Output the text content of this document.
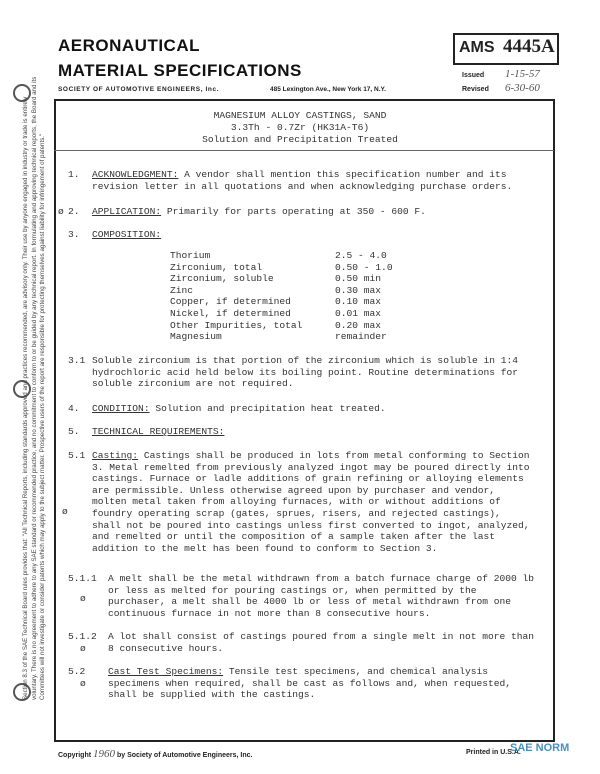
Section 8.3 of the SAE Technical Board rules provides that: "All Technical Reports, including standards approved and practices recommended, are advisory only. Their use by anyone engaged in industry or trade is entirely voluntary. There is no agreement to adhere to any SAE standard or recommended practice, and no commitment to conform to or be guided by any technical report. In formulating and approving technical reports, the Board and its Committees will not investigate or consider patents which may apply to the subject matter. Prospective users of the report are responsible for protecting themselves against liability for infringement of patents."
AERONAUTICAL
MATERIAL SPECIFICATIONS
SOCIETY OF AUTOMOTIVE ENGINEERS, Inc.	485 Lexington Ave., New York 17, N.Y.
AMS 4445A
Issued 1-15-57
Revised 6-30-60
MAGNESIUM ALLOY CASTINGS, SAND
3.3Th - 0.7Zr (HK31A-T6)
Solution and Precipitation Treated
1. ACKNOWLEDGMENT: A vendor shall mention this specification number and its revision letter in all quotations and when acknowledging purchase orders.
ø 2. APPLICATION: Primarily for parts operating at 350 - 600 F.
3. COMPOSITION:
Thorium	2.5 - 4.0
Zirconium, total	0.50 - 1.0
Zirconium, soluble	0.50 min
Zinc	0.30 max
Copper, if determined	0.10 max
Nickel, if determined	0.01 max
Other Impurities, total	0.20 max
Magnesium	remainder
3.1 Soluble zirconium is that portion of the zirconium which is soluble in 1:4 hydrochloric acid held below its boiling point. Routine determinations for soluble zirconium are not required.
4. CONDITION: Solution and precipitation heat treated.
5. TECHNICAL REQUIREMENTS:
5.1
ø
Casting: Castings shall be produced in lots from metal conforming to Section 3. Metal remelted from previously analyzed ingot may be poured directly into castings. Furnace or ladle additions of grain refining or alloying elements are permissible. Unless otherwise agreed upon by purchaser and vendor, molten metal taken from alloying furnaces, with or without additions of foundry operating scrap (gates, sprues, risers, and rejected castings), shall not be poured into castings unless first converted to ingot, analyzed, and remelted or until the composition of a sample taken after the last addition to the melt has been found to conform to Section 3.
5.1.1
ø
A melt shall be the metal withdrawn from a batch furnace charge of 2000 lb or less as melted for pouring castings or, when permitted by the purchaser, a melt shall be 4000 lb or less of metal withdrawn from one continuous furnace in not more than 8 consecutive hours.
5.1.2
ø
A lot shall consist of castings poured from a single melt in not more than 8 consecutive hours.
5.2
ø
Cast Test Specimens: Tensile test specimens, and chemical analysis specimens when required, shall be cast as follows and, when requested, shall be supplied with the castings.
Copyright 1960 by Society of Automotive Engineers, Inc.	Printed in U.S.A.
SAE NORM
